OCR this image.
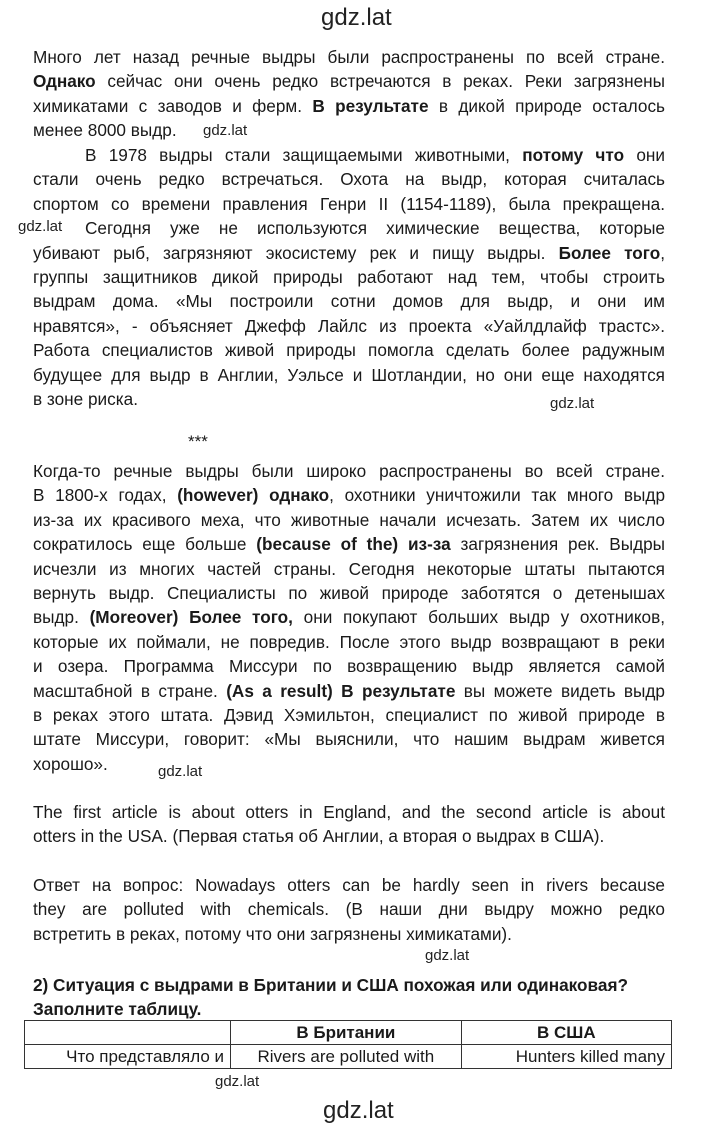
gdz.lat
gdz.lat
gdz.lat
gdz.lat
gdz.lat
gdz.lat
gdz.lat
gdz.lat
Много лет назад речные выдры были распространены по всей стране.
Однако сейчас они очень редко встречаются в реках. Реки загрязнены
химикатами с заводов и ферм. В результате в дикой природе осталось
менее 8000 выдр.
В 1978 выдры стали защищаемыми животными, потому что они
стали очень редко встречаться. Охота на выдр, которая считалась
спортом со времени правления Генри II (1154-1189), была прекращена.
Сегодня уже не используются химические вещества, которые
убивают рыб, загрязняют экосистему рек и пищу выдры. Более того,
группы защитников дикой природы работают над тем, чтобы строить
выдрам дома. «Мы построили сотни домов для выдр, и они им
нравятся», - объясняет Джефф Лайлс из проекта «Уайлдлайф трастс».
Работа специалистов живой природы помогла сделать более радужным
будущее для выдр в Англии, Уэльсе и Шотландии, но они еще находятся
в зоне риска.
***
Когда-то речные выдры были широко распространены во всей стране.
В 1800-х годах, (however) однако, охотники уничтожили так много выдр
из-за их красивого меха, что животные начали исчезать. Затем их число
сократилось еще больше (because of the) из-за загрязнения рек. Выдры
исчезли из многих частей страны. Сегодня некоторые штаты пытаются
вернуть выдр. Специалисты по живой природе заботятся о детенышах
выдр. (Moreover) Более того, они покупают больших выдр у охотников,
которые их поймали, не повредив. После этого выдр возвращают в реки
и озера. Программа Миссури по возвращению выдр является самой
масштабной в стране. (As a result) В результате вы можете видеть выдр
в реках этого штата. Дэвид Хэмильтон, специалист по живой природе в
штате Миссури, говорит: «Мы выяснили, что нашим выдрам живется
хорошо».
The first article is about otters in England, and the second article is about
otters in the USA. (Первая статья об Англии, а вторая о выдрах в США).
Ответ на вопрос: Nowadays otters can be hardly seen in rivers because
they are polluted with chemicals. (В наши дни выдру можно редко
встретить в реках, потому что они загрязнены химикатами).
2) Ситуация с выдрами в Британии и США похожая или одинаковая?
Заполните таблицу.
	В Британии	В США
Что представляло и	Rivers are polluted with	Hunters killed many
